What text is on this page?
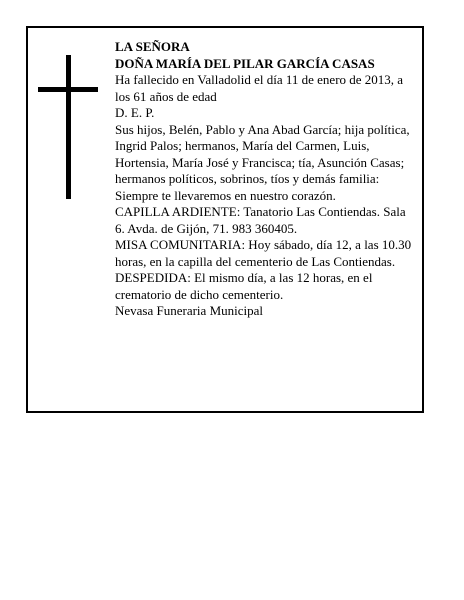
LA SEÑORA

DOÑA MARÍA DEL PILAR GARCÍA CASAS

Ha fallecido en Valladolid el día 11 de enero de 2013, a los 61 años de edad

D. E. P.

Sus hijos, Belén, Pablo y Ana Abad García; hija política, Ingrid Palos; hermanos, María del Carmen, Luis, Hortensia, María José y Francisca; tía, Asunción Casas; hermanos políticos, sobrinos, tíos y demás familia:

Siempre te llevaremos en nuestro corazón.

CAPILLA ARDIENTE: Tanatorio Las Contiendas. Sala 6. Avda. de Gijón, 71. 983 360405.

MISA COMUNITARIA: Hoy sábado, día 12, a las 10.30 horas, en la capilla del cementerio de Las Contiendas.

DESPEDIDA: El mismo día, a las 12 horas, en el crematorio de dicho cementerio.

Nevasa Funeraria Municipal
